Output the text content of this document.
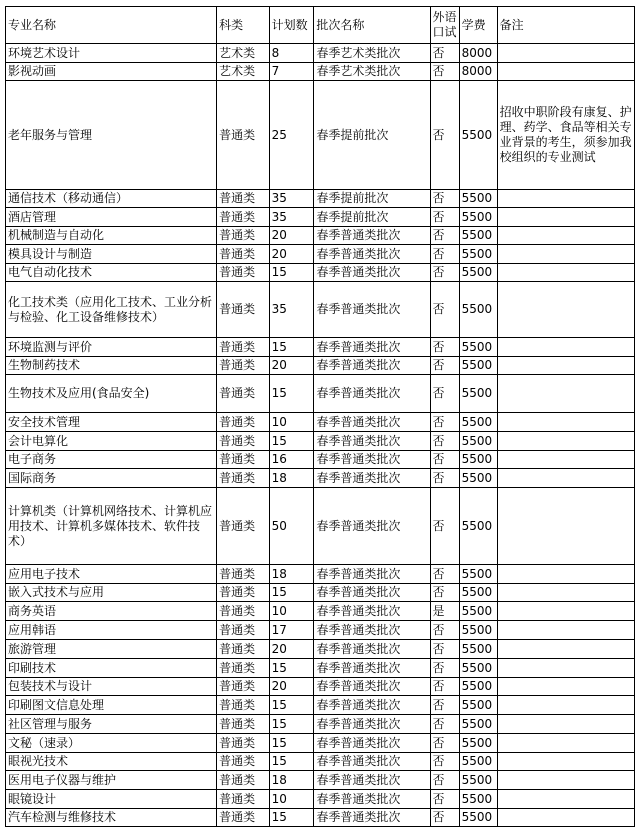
专业名称	科类	计划数	批次名称	外语口试	学费	备注
环境艺术设计	艺术类	8	春季艺术类批次	否	8000	
影视动画	艺术类	7	春季艺术类批次	否	8000	
老年服务与管理	普通类	25	春季提前批次	否	5500	招收中职阶段有康复、护理、药学、食品等相关专业背景的考生，须参加我校组织的专业测试
通信技术（移动通信）	普通类	35	春季提前批次	否	5500	
酒店管理	普通类	35	春季提前批次	否	5500	
机械制造与自动化	普通类	20	春季普通类批次	否	5500	
模具设计与制造	普通类	20	春季普通类批次	否	5500	
电气自动化技术	普通类	15	春季普通类批次	否	5500	
化工技术类（应用化工技术、工业分析与检验、化工设备维修技术）	普通类	35	春季普通类批次	否	5500	
环境监测与评价	普通类	15	春季普通类批次	否	5500	
生物制药技术	普通类	20	春季普通类批次	否	5500	
生物技术及应用(食品安全)	普通类	15	春季普通类批次	否	5500	
安全技术管理	普通类	10	春季普通类批次	否	5500	
会计电算化	普通类	15	春季普通类批次	否	5500	
电子商务	普通类	16	春季普通类批次	否	5500	
国际商务	普通类	18	春季普通类批次	否	5500	
计算机类（计算机网络技术、计算机应用技术、计算机多媒体技术、软件技术）	普通类	50	春季普通类批次	否	5500	
应用电子技术	普通类	18	春季普通类批次	否	5500	
嵌入式技术与应用	普通类	15	春季普通类批次	否	5500	
商务英语	普通类	10	春季普通类批次	是	5500	
应用韩语	普通类	17	春季普通类批次	否	5500	
旅游管理	普通类	20	春季普通类批次	否	5500	
印刷技术	普通类	15	春季普通类批次	否	5500	
包装技术与设计	普通类	20	春季普通类批次	否	5500	
印刷图文信息处理	普通类	15	春季普通类批次	否	5500	
社区管理与服务	普通类	15	春季普通类批次	否	5500	
文秘（速录）	普通类	15	春季普通类批次	否	5500	
眼视光技术	普通类	15	春季普通类批次	否	5500	
医用电子仪器与维护	普通类	18	春季普通类批次	否	5500	
眼镜设计	普通类	10	春季普通类批次	否	5500	
汽车检测与维修技术	普通类	15	春季普通类批次	否	5500	
